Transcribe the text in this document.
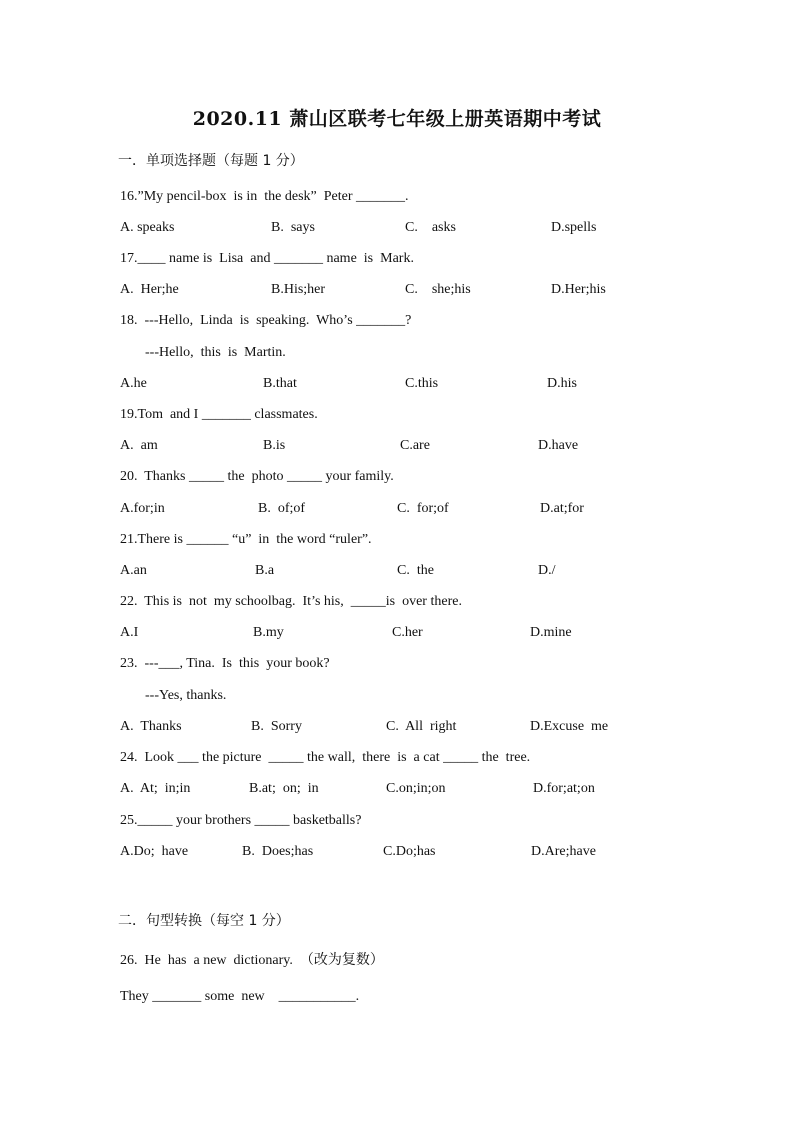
2020.11 萧山区联考七年级上册英语期中考试
一．单项选择题（每题 1 分）
16.”My pencil-box  is in  the desk”  Peter _______.
A. speaks	B.  says	C.    asks	D.spells
17.____ name is  Lisa  and _______ name  is  Mark.
A.  Her;he	B.His;her	C.    she;his	D.Her;his
18.  ---Hello,  Linda  is  speaking.  Who’s _______?
---Hello,  this  is  Martin.
A.he	B.that	C.this	D.his
19.Tom  and I _______ classmates.
A.  am	B.is	C.are	D.have
20.  Thanks _____ the  photo _____ your family.
A.for;in	B.  of;of	C.  for;of	D.at;for
21.There is ______ “u”  in  the word “ruler”.
A.an	B.a	C.  the	D./
22.  This is  not  my schoolbag.  It’s his,  _____is  over there.
A.I	B.my	C.her	D.mine
23.  ---___, Tina.  Is  this  your book?
---Yes, thanks.
A.  Thanks	B.  Sorry	C.  All  right	D.Excuse  me
24.  Look ___ the picture  _____ the wall,  there  is  a cat _____ the  tree.
A.  At;  in;in	B.at;  on;  in	C.on;in;on	D.for;at;on
25._____ your brothers _____ basketballs?
A.Do;  have	B.  Does;has	C.Do;has	D.Are;have
二．句型转换（每空 1 分）
26.  He  has  a new  dictionary.  （改为复数）
They _______ some  new    ___________.
